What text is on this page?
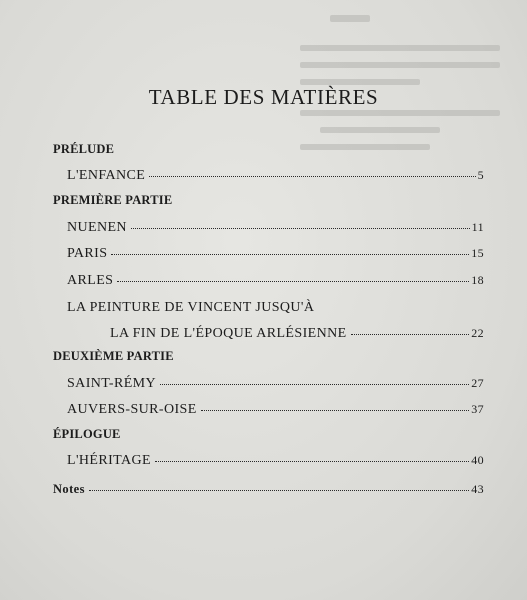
TABLE DES MATIÈRES
PRÉLUDE
L'ENFANCE	5
PREMIÈRE PARTIE
NUENEN	11
PARIS	15
ARLES	18
LA PEINTURE DE VINCENT JUSQU'À
LA FIN DE L'ÉPOQUE ARLÉSIENNE	22
DEUXIÈME PARTIE
SAINT-RÉMY	27
AUVERS-SUR-OISE	37
ÉPILOGUE
L'HÉRITAGE	40
Notes	43
